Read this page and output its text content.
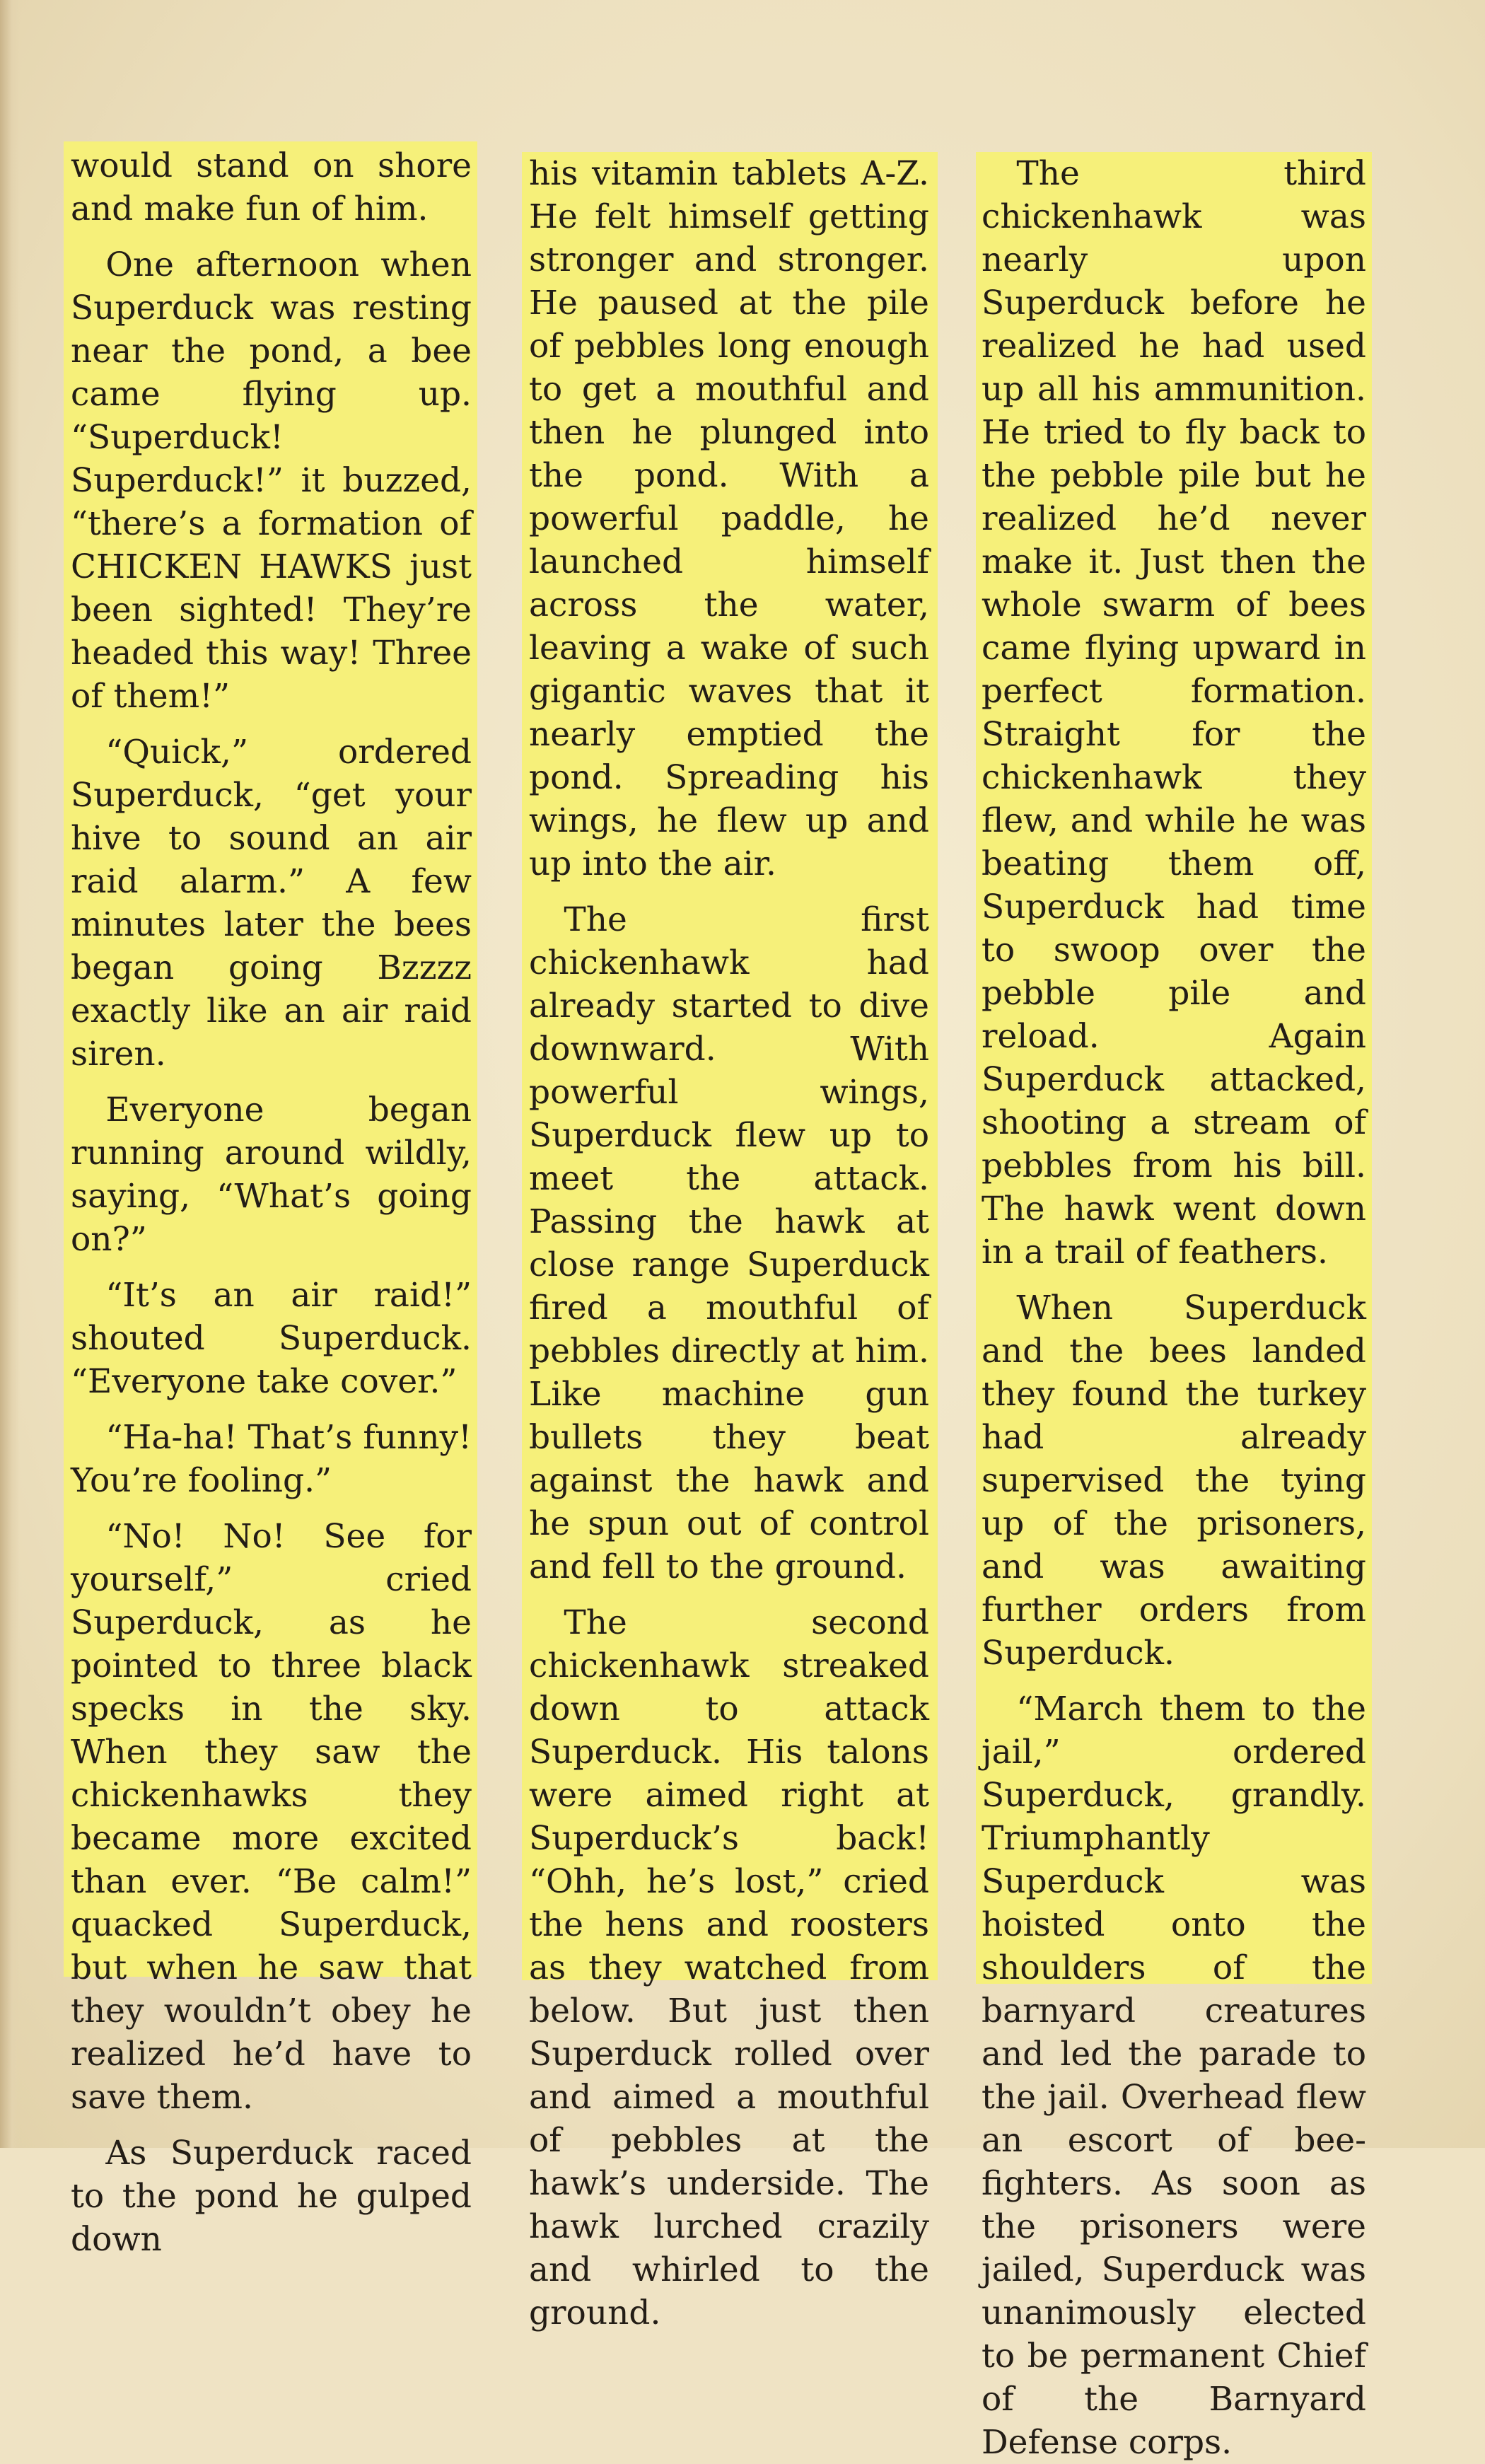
would stand on shore and make fun of him.

One afternoon when Superduck was resting near the pond, a bee came flying up. “Superduck! Superduck!” it buzzed, “there’s a formation of CHICKEN HAWKS just been sighted! They’re headed this way! Three of them!”

“Quick,” ordered Superduck, “get your hive to sound an air raid alarm.” A few minutes later the bees began going Bzzzz exactly like an air raid siren.

Everyone began running around wildly, saying, “What’s going on?”

“It’s an air raid!” shouted Superduck. “Everyone take cover.”

“Ha-ha! That’s funny! You’re fooling.”

“No! No! See for yourself,” cried Superduck, as he pointed to three black specks in the sky. When they saw the chickenhawks they became more excited than ever. “Be calm!” quacked Superduck, but when he saw that they wouldn’t obey he realized he’d have to save them.

As Superduck raced to the pond he gulped down

his vitamin tablets A-Z. He felt himself getting stronger and stronger. He paused at the pile of pebbles long enough to get a mouthful and then he plunged into the pond. With a powerful paddle, he launched himself across the water, leaving a wake of such gigantic waves that it nearly emptied the pond. Spreading his wings, he flew up and up into the air.

The first chickenhawk had already started to dive downward. With powerful wings, Superduck flew up to meet the attack. Passing the hawk at close range Superduck fired a mouthful of pebbles directly at him. Like machine gun bullets they beat against the hawk and he spun out of control and fell to the ground.

The second chickenhawk streaked down to attack Superduck. His talons were aimed right at Superduck’s back! “Ohh, he’s lost,” cried the hens and roosters as they watched from below. But just then Superduck rolled over and aimed a mouthful of pebbles at the hawk’s underside. The hawk lurched crazily and whirled to the ground.

The third chickenhawk was nearly upon Superduck before he realized he had used up all his ammunition. He tried to fly back to the pebble pile but he realized he’d never make it. Just then the whole swarm of bees came flying upward in perfect formation. Straight for the chickenhawk they flew, and while he was beating them off, Superduck had time to swoop over the pebble pile and reload. Again Superduck attacked, shooting a stream of pebbles from his bill. The hawk went down in a trail of feathers.

When Superduck and the bees landed they found the turkey had already supervised the tying up of the prisoners, and was awaiting further orders from Superduck.

“March them to the jail,” ordered Superduck, grandly. Triumphantly Superduck was hoisted onto the shoulders of the barnyard creatures and led the parade to the jail. Overhead flew an escort of bee-fighters. As soon as the prisoners were jailed, Superduck was unanimously elected to be permanent Chief of the Barnyard Defense corps.
